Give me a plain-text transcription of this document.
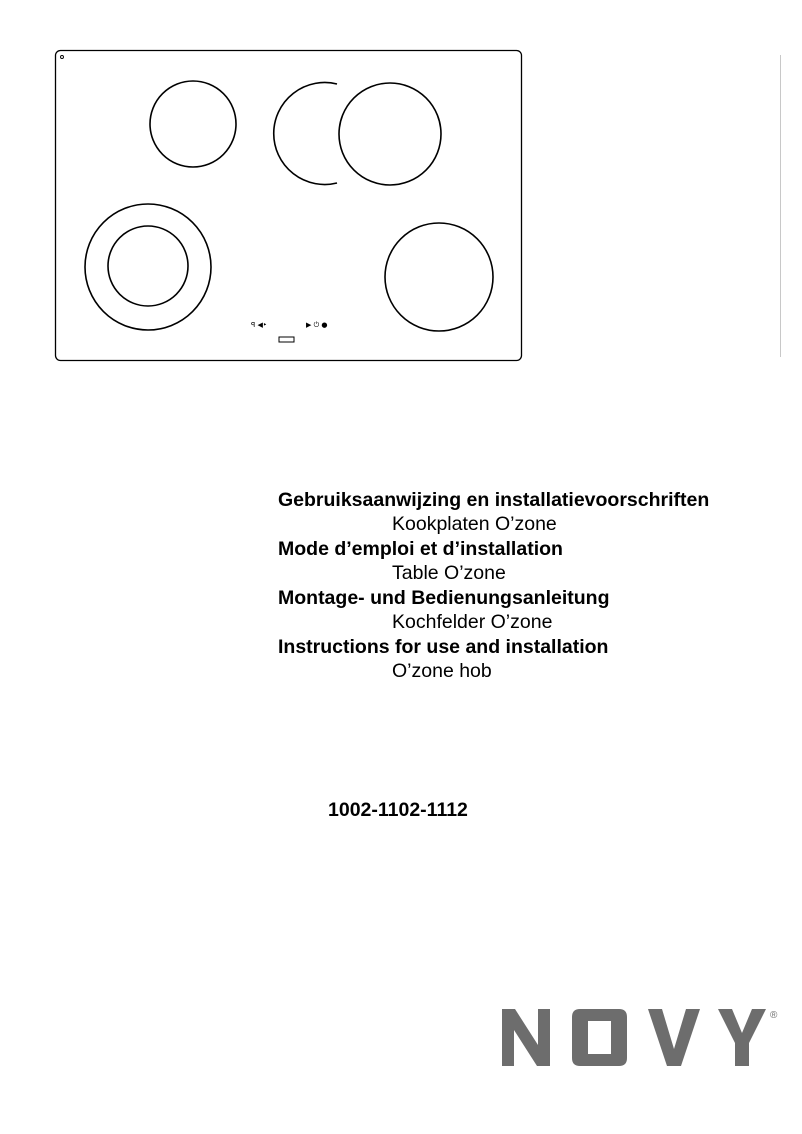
ꟼ ◀‣	▶ ⏻ ●
Gebruiksaanwijzing en installatievoorschriften
Kookplaten O’zone
Mode d’emploi et d’installation
Table O’zone
Montage- und Bedienungsanleitung
Kochfelder O’zone
Instructions for use and installation
O’zone hob
1002-1102-1112
®
